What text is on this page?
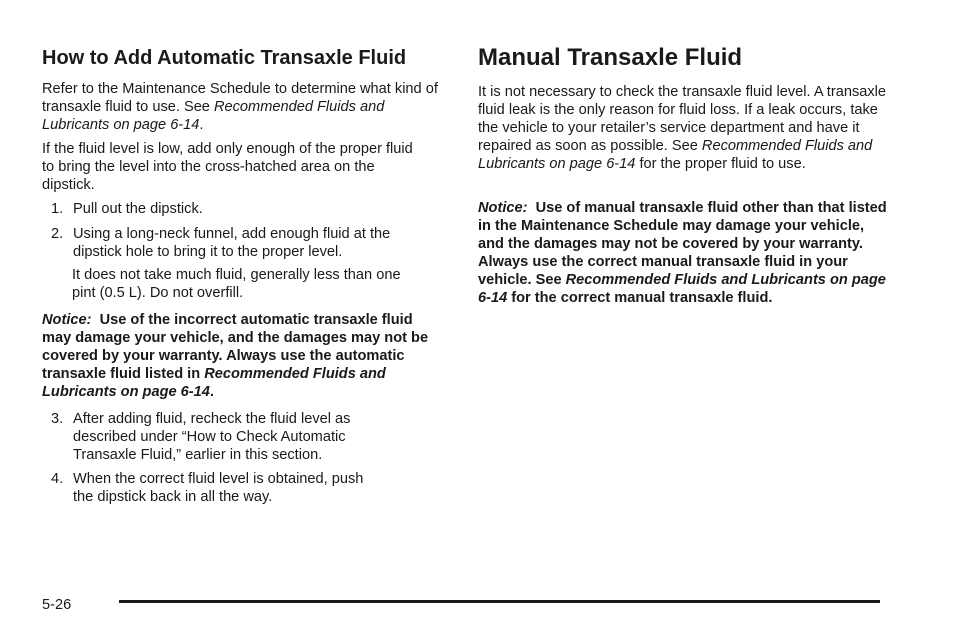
How to Add Automatic Transaxle Fluid

Refer to the Maintenance Schedule to determine what kind of transaxle fluid to use. See Recommended Fluids and Lubricants on page 6-14.

If the fluid level is low, add only enough of the proper fluid to bring the level into the cross-hatched area on the dipstick.

1. Pull out the dipstick.

2. Using a long-neck funnel, add enough fluid at the dipstick hole to bring it to the proper level.

It does not take much fluid, generally less than one pint (0.5 L). Do not overfill.

Notice: Use of the incorrect automatic transaxle fluid may damage your vehicle, and the damages may not be covered by your warranty. Always use the automatic transaxle fluid listed in Recommended Fluids and Lubricants on page 6-14.

3. After adding fluid, recheck the fluid level as described under “How to Check Automatic Transaxle Fluid,” earlier in this section.

4. When the correct fluid level is obtained, push the dipstick back in all the way.

Manual Transaxle Fluid

It is not necessary to check the transaxle fluid level. A transaxle fluid leak is the only reason for fluid loss. If a leak occurs, take the vehicle to your retailer’s service department and have it repaired as soon as possible. See Recommended Fluids and Lubricants on page 6-14 for the proper fluid to use.

Notice: Use of manual transaxle fluid other than that listed in the Maintenance Schedule may damage your vehicle, and the damages may not be covered by your warranty. Always use the correct manual transaxle fluid in your vehicle. See Recommended Fluids and Lubricants on page 6-14 for the correct manual transaxle fluid.

5-26
